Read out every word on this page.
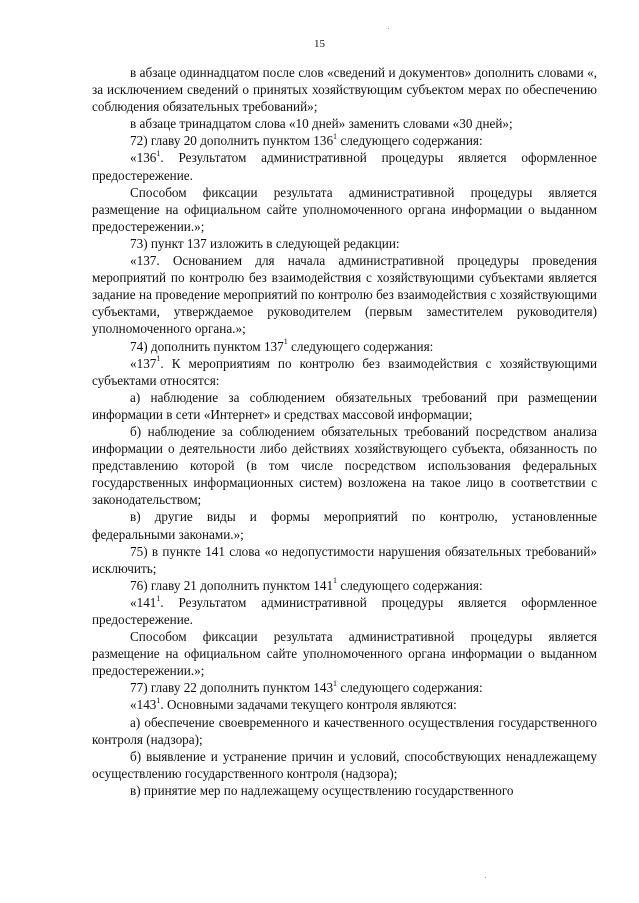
15

в абзаце одиннадцатом после слов «сведений и документов» дополнить словами «, за исключением сведений о принятых хозяйствующим субъектом мерах по обеспечению соблюдения обязательных требований»;

в абзаце тринадцатом слова «10 дней» заменить словами «30 дней»;

72) главу 20 дополнить пунктом $136^1$ следующего содержания:

«$136^1$. Результатом административной процедуры является оформленное предостережение.

Способом фиксации результата административной процедуры является размещение на официальном сайте уполномоченного органа информации о выданном предостережении.»;

73) пункт 137 изложить в следующей редакции:

«137. Основанием для начала административной процедуры проведения мероприятий по контролю без взаимодействия с хозяйствующими субъектами является задание на проведение мероприятий по контролю без взаимодействия с хозяйствующими субъектами, утверждаемое руководителем (первым заместителем руководителя) уполномоченного органа.»;

74) дополнить пунктом $137^1$ следующего содержания:

«$137^1$. К мероприятиям по контролю без взаимодействия с хозяйствующими субъектами относятся:

а) наблюдение за соблюдением обязательных требований при размещении информации в сети «Интернет» и средствах массовой информации;

б) наблюдение за соблюдением обязательных требований посредством анализа информации о деятельности либо действиях хозяйствующего субъекта, обязанность по представлению которой (в том числе посредством использования федеральных государственных информационных систем) возложена на такое лицо в соответствии с законодательством;

в) другие виды и формы мероприятий по контролю, установленные федеральными законами.»;

75) в пункте 141 слова «о недопустимости нарушения обязательных требований» исключить;

76) главу 21 дополнить пунктом $141^1$ следующего содержания:

«$141^1$. Результатом административной процедуры является оформленное предостережение.

Способом фиксации результата административной процедуры является размещение на официальном сайте уполномоченного органа информации о выданном предостережении.»;

77) главу 22 дополнить пунктом $143^1$ следующего содержания:

«$143^1$. Основными задачами текущего контроля являются:

а) обеспечение своевременного и качественного осуществления государственного контроля (надзора);

б) выявление и устранение причин и условий, способствующих ненадлежащему осуществлению государственного контроля (надзора);

в) принятие мер по надлежащему осуществлению государственного
